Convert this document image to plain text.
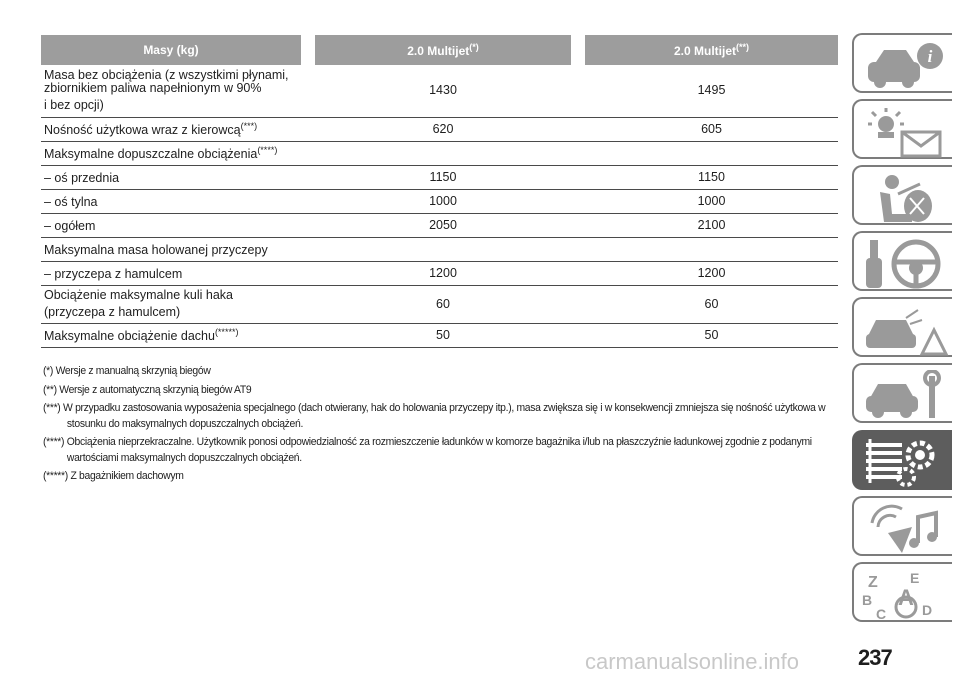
Masy (kg)		2.0 Multijet(*)		2.0 Multijet(**)
Masa bez obciążenia (z wszystkimi płynami,
zbiornikiem paliwa napełnionym w 90%
i bez opcji)		1430		1495
Nośność użytkowa wraz z kierowcą(***)		620		605
Maksymalne dopuszczalne obciążenia(****)				
– oś przednia		1150		1150
– oś tylna		1000		1000
– ogółem		2050		2100
Maksymalna masa holowanej przyczepy				
– przyczepa z hamulcem		1200		1200
Obciążenie maksymalne kuli haka
(przyczepa z hamulcem)		60		60
Maksymalne obciążenie dachu(*****)		50		50

(*) Wersje z manualną skrzynią biegów

(**) Wersje z automatyczną skrzynią biegów AT9

(***) W przypadku zastosowania wyposażenia specjalnego (dach otwierany, hak do holowania przyczepy itp.), masa zwiększa się i w konsekwencji zmniejsza się nośność użytkowa w stosunku do maksymalnych dopuszczalnych obciążeń.

(****) Obciążenia nieprzekraczalne. Użytkownik ponosi odpowiedzialność za rozmieszczenie ładunków w komorze bagażnika i/lub na płaszczyźnie ładunkowej zgodnie z podanymi wartościami maksymalnych dopuszczalnych obciążeń.

(*****) Z bagażnikiem dachowym

i
Z E
B A
C	D
carmanualsonline.info	237
